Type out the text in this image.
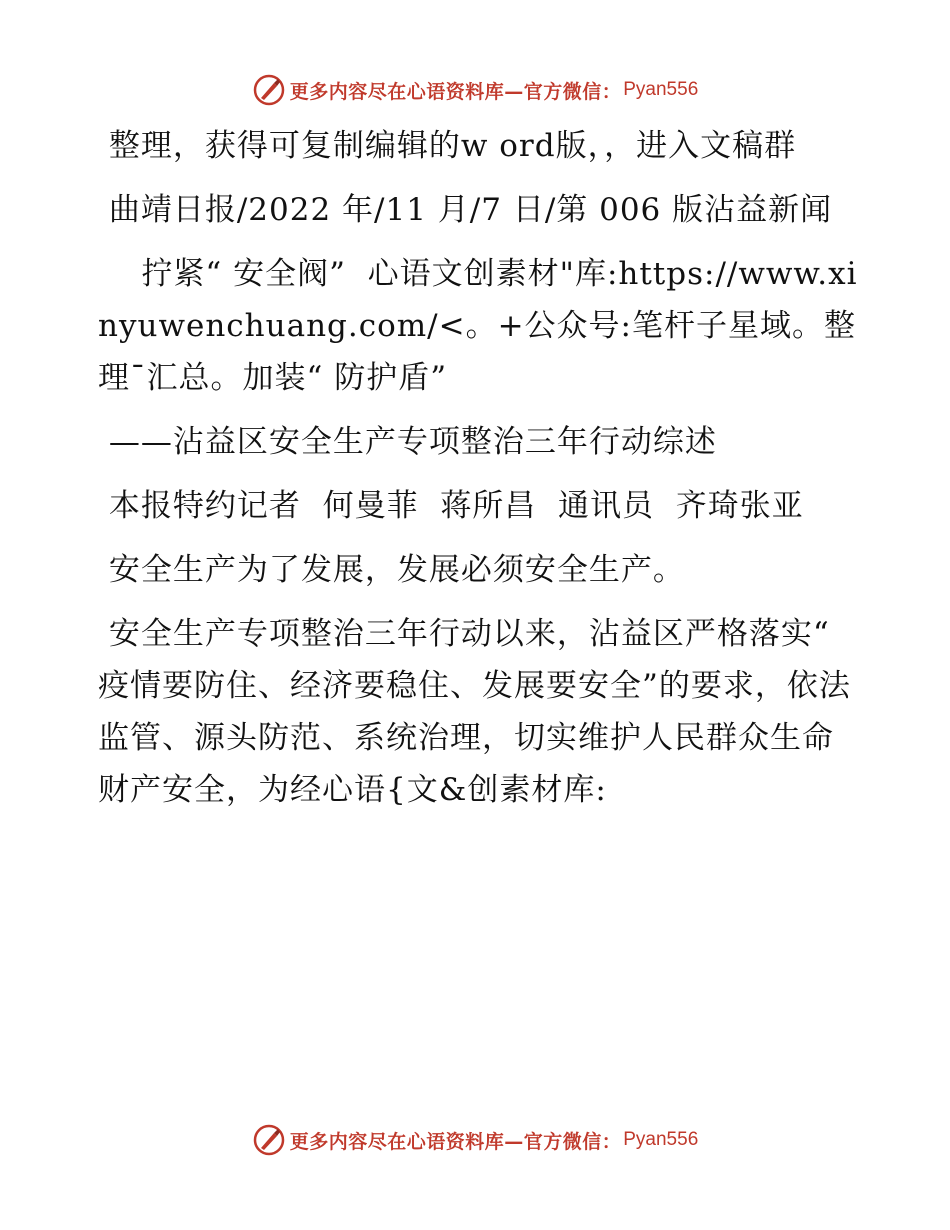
更多内容尽在心语资料库 —官方微信： Pyan556

整理，获得可复制编辑的w ord版，，进入文稿群

曲靖日报/2022 年/11 月/7 日/第 006 版沾益新闻

拧紧“ 安全阀”  心语文创素材"库:https://www.xinyuwenchuang.com/<。+公众号:笔杆子星域。整理¯汇总。加装“ 防护盾”

——沾益区安全生产专项整治三年行动综述

本报特约记者  何曼菲  蒋所昌  通讯员  齐琦张亚

安全生产为了发展，发展必须安全生产。

安全生产专项整治三年行动以来，沾益区严格落实“ 疫情要防住、经济要稳住、发展要安全”的要求，依法监管、源头防范、系统治理，切实维护人民群众生命财产安全，为经心语{文&创素材库:

更多内容尽在心语资料库 —官方微信： Pyan556
